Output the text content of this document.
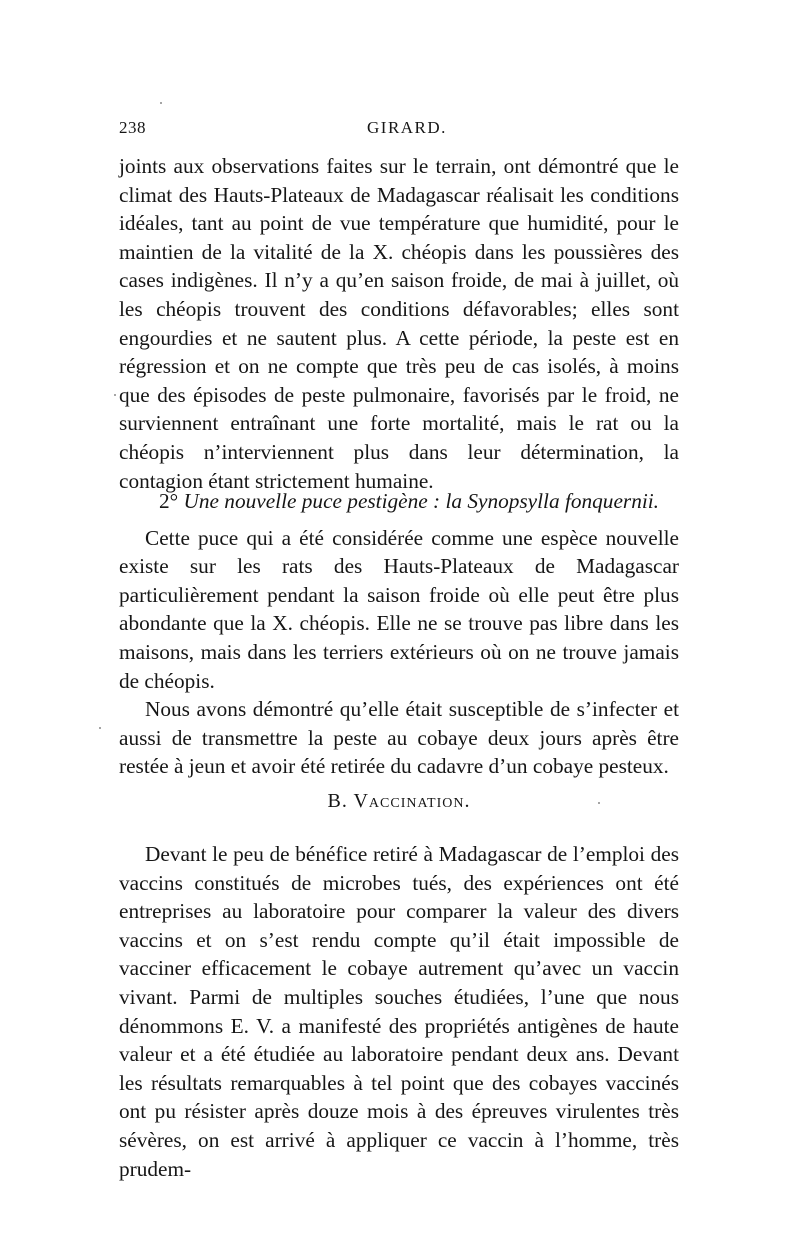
238	GIRARD.

joints aux observations faites sur le terrain, ont démontré que le climat des Hauts-Plateaux de Madagascar réalisait les conditions idéales, tant au point de vue température que humidité, pour le maintien de la vitalité de la X. chéopis dans les poussières des cases indigènes. Il n’y a qu’en saison froide, de mai à juillet, où les chéopis trouvent des conditions défavorables; elles sont engourdies et ne sautent plus. A cette période, la peste est en régression et on ne compte que très peu de cas isolés, à moins que des épisodes de peste pulmonaire, favorisés par le froid, ne surviennent entraînant une forte mortalité, mais le rat ou la chéopis n’interviennent plus dans leur détermination, la contagion étant strictement humaine.

2° Une nouvelle puce pestigène : la Synopsylla fonquernii.

Cette puce qui a été considérée comme une espèce nouvelle existe sur les rats des Hauts-Plateaux de Madagascar particulièrement pendant la saison froide où elle peut être plus abondante que la X. chéopis. Elle ne se trouve pas libre dans les maisons, mais dans les terriers extérieurs où on ne trouve jamais de chéopis.

Nous avons démontré qu’elle était susceptible de s’infecter et aussi de transmettre la peste au cobaye deux jours après être restée à jeun et avoir été retirée du cadavre d’un cobaye pesteux.

B. Vaccination.

Devant le peu de bénéfice retiré à Madagascar de l’emploi des vaccins constitués de microbes tués, des expériences ont été entreprises au laboratoire pour comparer la valeur des divers vaccins et on s’est rendu compte qu’il était impossible de vacciner efficacement le cobaye autrement qu’avec un vaccin vivant. Parmi de multiples souches étudiées, l’une que nous dénommons E. V. a manifesté des propriétés antigènes de haute valeur et a été étudiée au laboratoire pendant deux ans. Devant les résultats remarquables à tel point que des cobayes vaccinés ont pu résister après douze mois à des épreuves virulentes très sévères, on est arrivé à appliquer ce vaccin à l’homme, très prudem-
